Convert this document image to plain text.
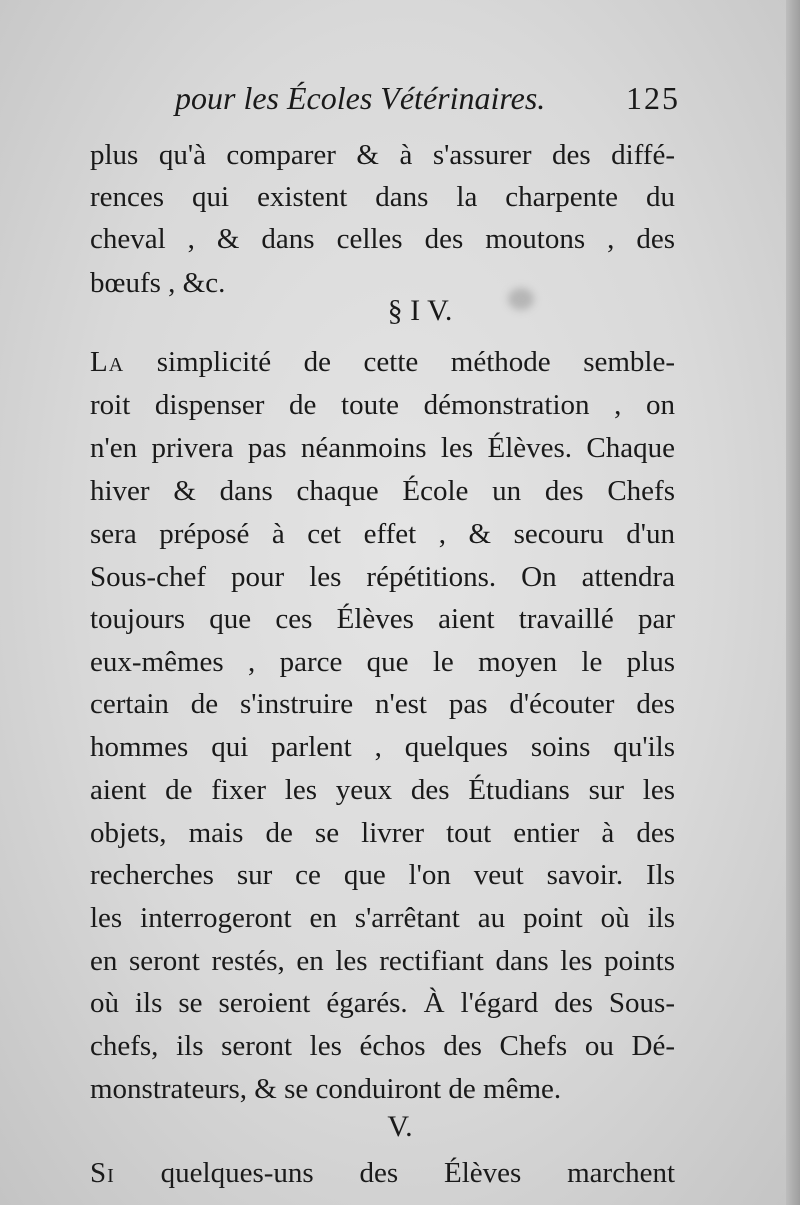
pour les Écoles Vétérinaires.	125
plus qu'à comparer & à s'assurer des diffé-
rences qui existent dans la charpente du
cheval , & dans celles des moutons , des
bœufs , &c.
§ I V.
La simplicité de cette méthode semble-
roit dispenser de toute démonstration , on
n'en privera pas néanmoins les Élèves. Chaque
hiver & dans chaque École un des Chefs
sera préposé à cet effet , & secouru d'un
Sous-chef pour les répétitions. On attendra
toujours que ces Élèves aient travaillé par
eux-mêmes , parce que le moyen le plus
certain de s'instruire n'est pas d'écouter des
hommes qui parlent , quelques soins qu'ils
aient de fixer les yeux des Étudians sur les
objets, mais de se livrer tout entier à des
recherches sur ce que l'on veut savoir. Ils
les interrogeront en s'arrêtant au point où ils
en seront restés, en les rectifiant dans les points
où ils se seroient égarés. À l'égard des Sous-
chefs, ils seront les échos des Chefs ou Dé-
monstrateurs, & se conduiront de même.
V.
Si quelques-uns des Élèves marchent
